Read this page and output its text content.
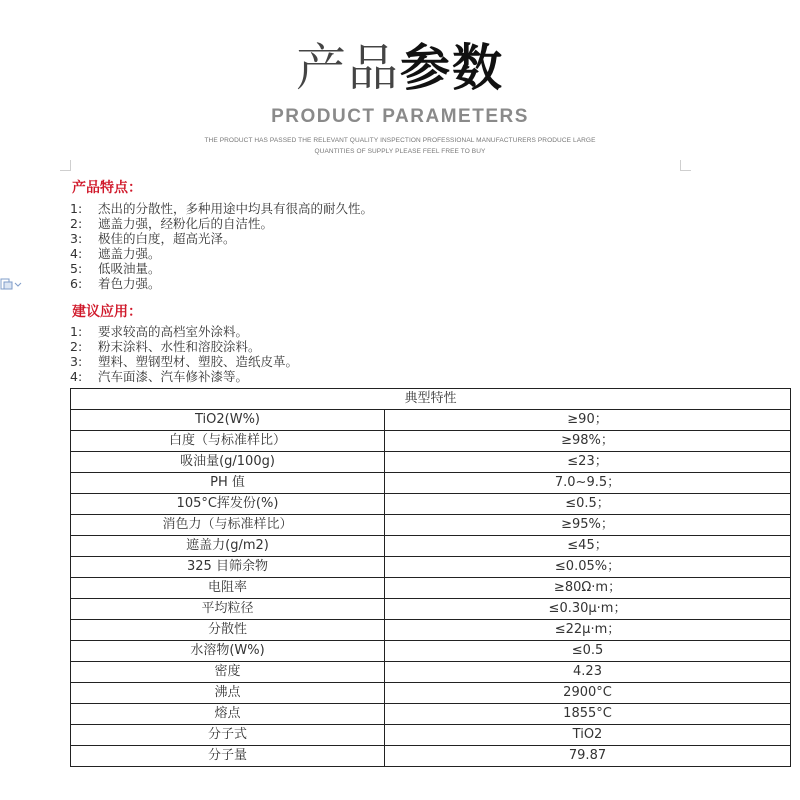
产品参数
PRODUCT PARAMETERS
THE PRODUCT HAS PASSED THE RELEVANT QUALITY INSPECTION PROFESSIONAL MANUFACTURERS PRODUCE LARGE
QUANTITIES OF SUPPLY PLEASE FEEL FREE TO BUY
产品特点：
1: 杰出的分散性，多种用途中均具有很高的耐久性。
2: 遮盖力强，经粉化后的自洁性。
3: 极佳的白度，超高光泽。
4: 遮盖力强。
5: 低吸油量。
6: 着色力强。
建议应用：
1: 要求较高的高档室外涂料。
2: 粉末涂料、水性和溶胶涂料。
3: 塑料、塑钢型材、塑胶、造纸皮革。
4: 汽车面漆、汽车修补漆等。
典型特性	
TiO2(W%)	≥90；
白度（与标准样比）	≥98%；
吸油量(g/100g)	≤23；
PH 值	7.0~9.5；
105°C挥发份(%)	≤0.5；
消色力（与标准样比）	≥95%；
遮盖力(g/m2)	≤45；
325 目筛余物	≤0.05%；
电阻率	≥80Ω·m；
平均粒径	≤0.30μ·m；
分散性	≤22μ·m；
水溶物(W%)	≤0.5
密度	4.23
沸点	2900°C
熔点	1855°C
分子式	TiO2
分子量	79.87
